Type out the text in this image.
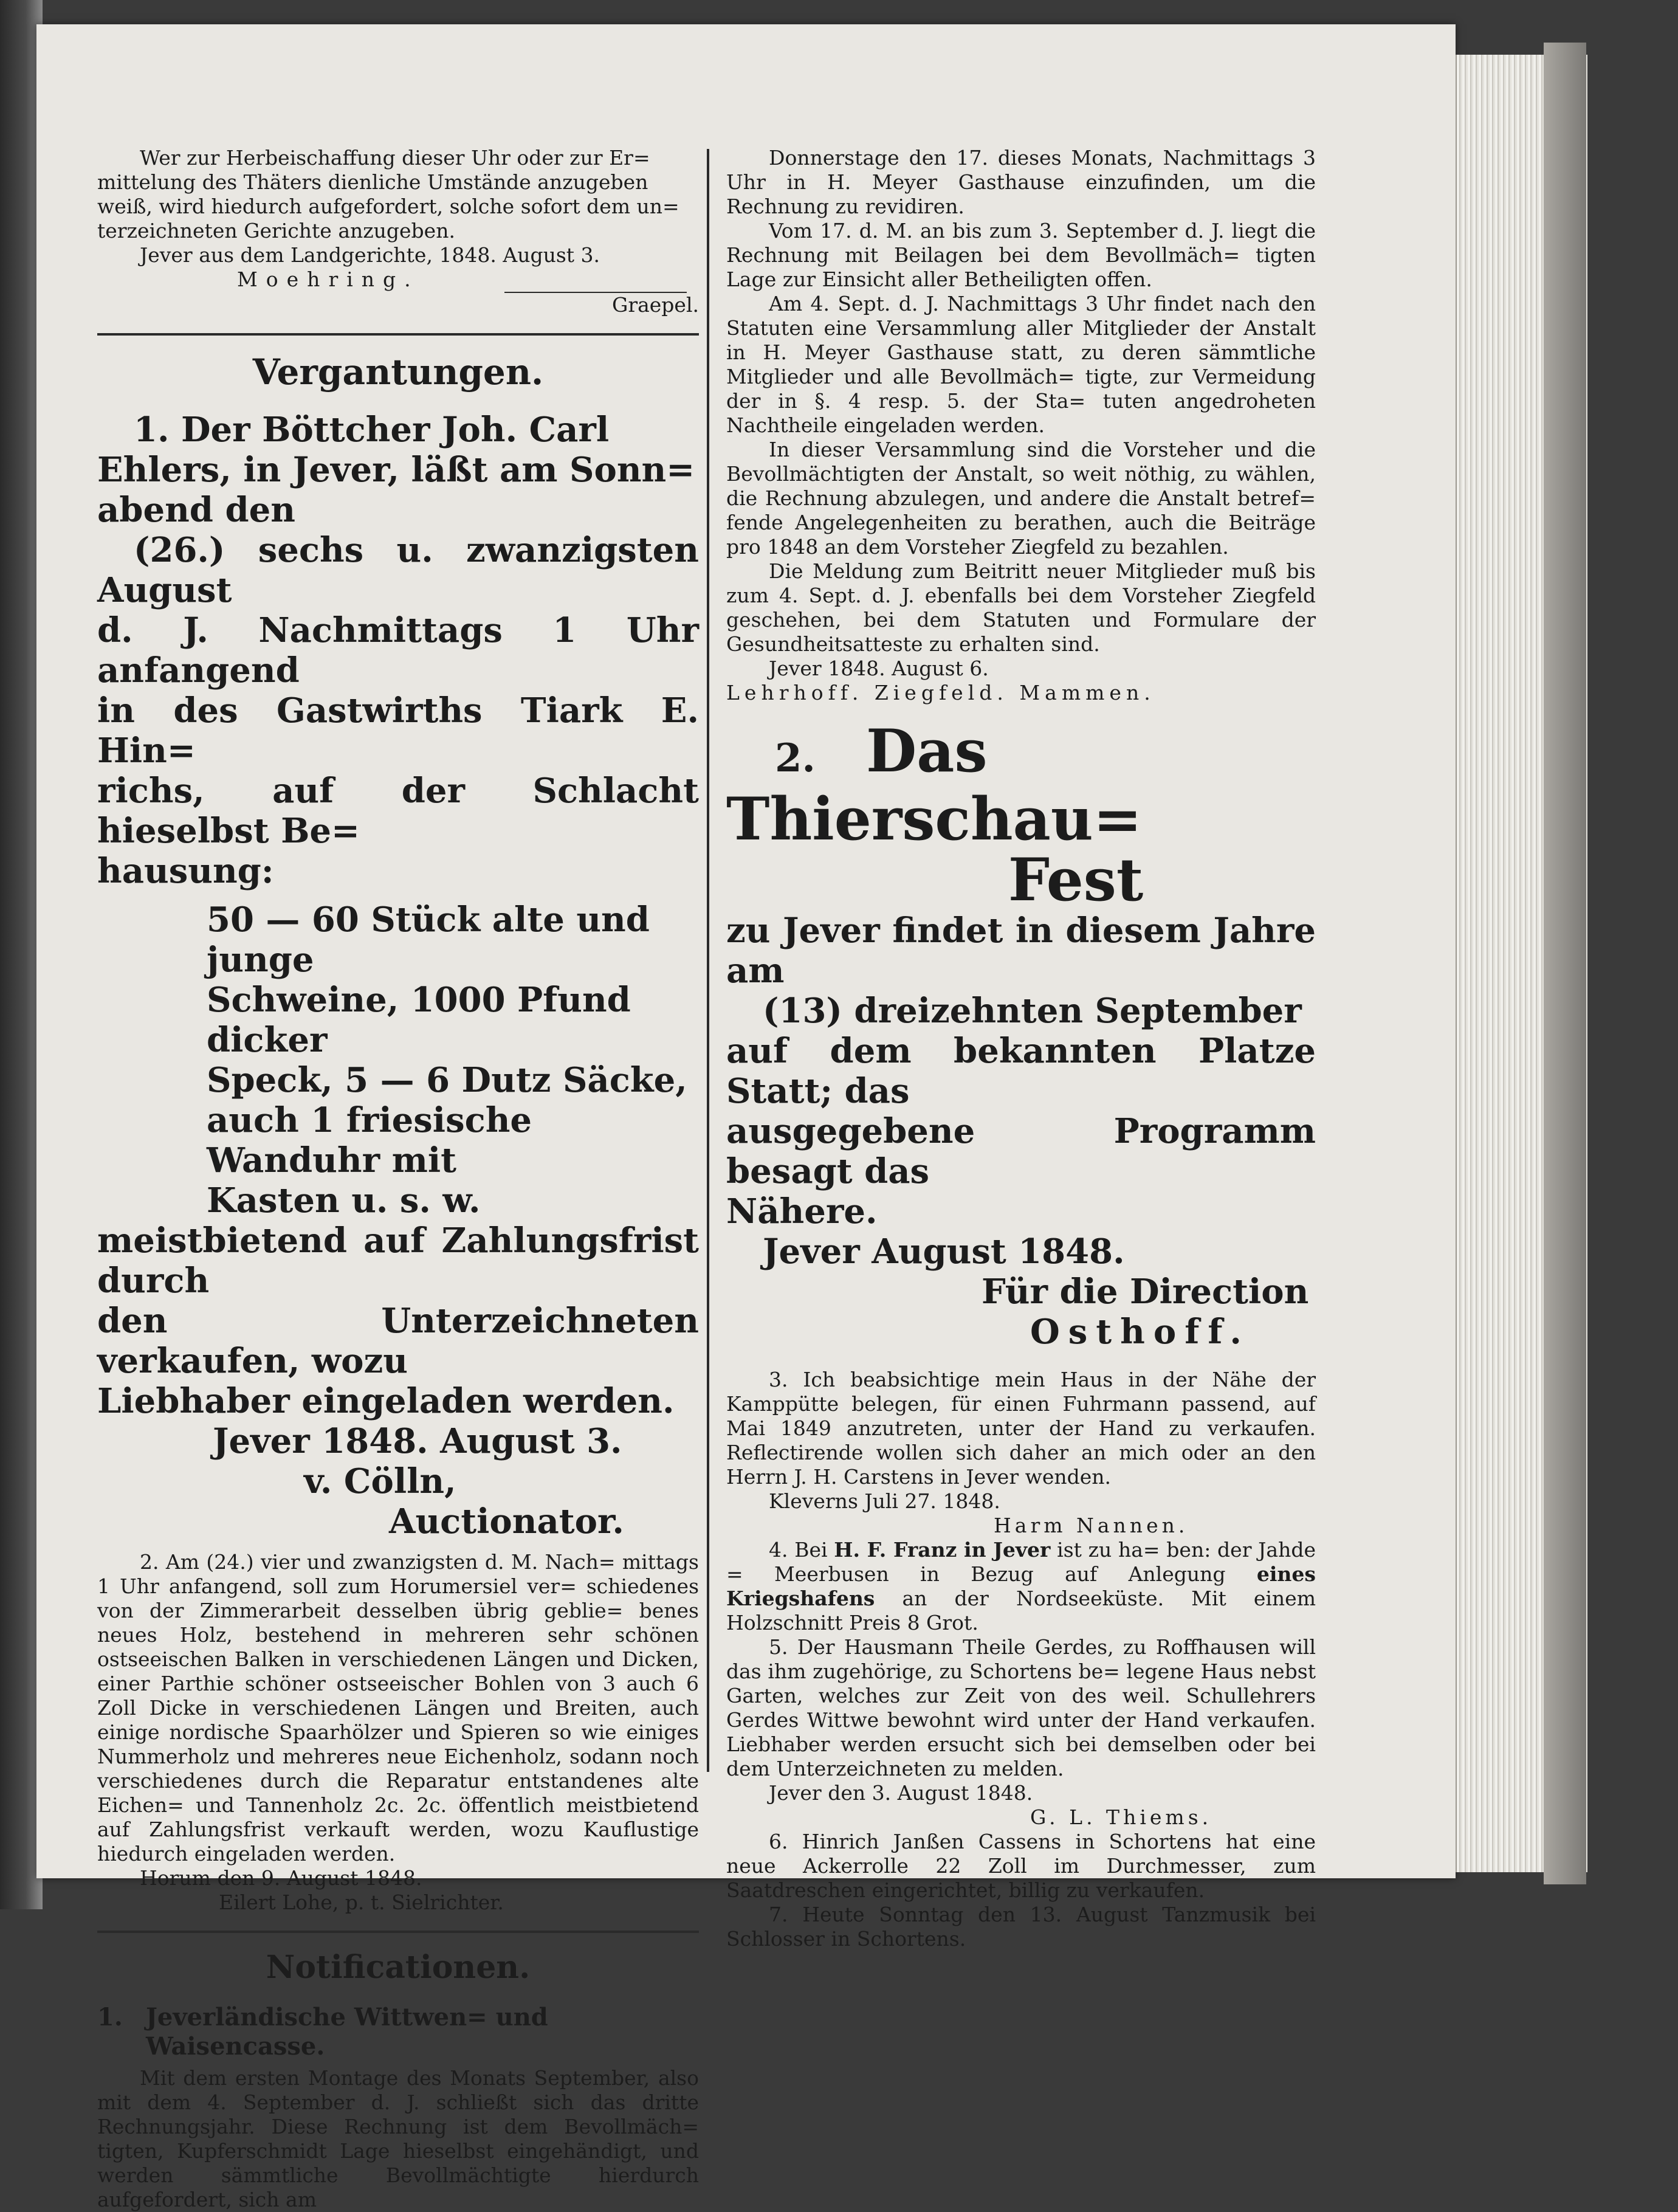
Wer zur Herbeischaffung dieser Uhr oder zur Er=

mittelung des Thäters dienliche Umstände anzugeben

weiß, wird hiedurch aufgefordert, solche sofort dem un=

terzeichneten Gerichte anzugeben.

Jever aus dem Landgerichte, 1848. August 3.

Moehring.

Graepel.

Vergantungen.

1. Der Böttcher Joh. Carl

Ehlers, in Jever, läßt am Sonn=

abend den

(26.) sechs u. zwanzigsten August

d. J. Nachmittags 1 Uhr anfangend

in des Gastwirths Tiark E. Hin=

richs, auf der Schlacht hieselbst Be=

hausung:

50 — 60 Stück alte und junge

Schweine, 1000 Pfund dicker

Speck, 5 — 6 Dutz Säcke,

auch 1 friesische Wanduhr mit

Kasten u. s. w.

meistbietend auf Zahlungsfrist durch

den Unterzeichneten verkaufen, wozu

Liebhaber eingeladen werden.

Jever 1848. August 3.

v. Cölln,

Auctionator.

2. Am (24.) vier und zwanzigsten d. M. Nach= mittags 1 Uhr anfangend, soll zum Horumersiel ver= schiedenes von der Zimmerarbeit desselben übrig geblie= benes neues Holz, bestehend in mehreren sehr schönen ostseeischen Balken in verschiedenen Längen und Dicken, einer Parthie schöner ostseeischer Bohlen von 3 auch 6 Zoll Dicke in verschiedenen Längen und Breiten, auch einige nordische Spaarhölzer und Spieren so wie einiges Nummerholz und mehreres neue Eichenholz, sodann noch verschiedenes durch die Reparatur entstandenes alte Eichen= und Tannenholz 2c. 2c. öffentlich meistbietend auf Zahlungsfrist verkauft werden, wozu Kauflustige hiedurch eingeladen werden.

Horum den 9. August 1848.

Eilert Lohe, p. t. Sielrichter.

Notificationen.
1. Jeverländische Wittwen= und
Waisencasse.

Mit dem ersten Montage des Monats September, also mit dem 4. September d. J. schließt sich das dritte Rechnungsjahr. Diese Rechnung ist dem Bevollmäch= tigten, Kupferschmidt Lage hieselbst eingehändigt, und werden sämmtliche Bevollmächtigte hierdurch aufgefordert, sich am

Donnerstage den 17. dieses Monats, Nachmittags 3 Uhr in H. Meyer Gasthause einzufinden, um die Rechnung zu revidiren.

Vom 17. d. M. an bis zum 3. September d. J. liegt die Rechnung mit Beilagen bei dem Bevollmäch= tigten Lage zur Einsicht aller Betheiligten offen.

Am 4. Sept. d. J. Nachmittags 3 Uhr findet nach den Statuten eine Versammlung aller Mitglieder der Anstalt in H. Meyer Gasthause statt, zu deren sämmtliche Mitglieder und alle Bevollmäch= tigte, zur Vermeidung der in §. 4 resp. 5. der Sta= tuten angedroheten Nachtheile eingeladen werden.

In dieser Versammlung sind die Vorsteher und die Bevollmächtigten der Anstalt, so weit nöthig, zu wählen, die Rechnung abzulegen, und andere die Anstalt betref= fende Angelegenheiten zu berathen, auch die Beiträge pro 1848 an dem Vorsteher Ziegfeld zu bezahlen.

Die Meldung zum Beitritt neuer Mitglieder muß bis zum 4. Sept. d. J. ebenfalls bei dem Vorsteher Ziegfeld geschehen, bei dem Statuten und Formulare der Gesundheitsatteste zu erhalten sind.

Jever 1848. August 6.

Lehrhoff. Ziegfeld. Mammen.

2. Das Thierschau=
Fest

zu Jever findet in diesem Jahre am

(13) dreizehnten September

auf dem bekannten Platze Statt; das

ausgegebene Programm besagt das

Nähere.

Jever August 1848.

Für die Direction

Osthoff.

3. Ich beabsichtige mein Haus in der Nähe der Kamppütte belegen, für einen Fuhrmann passend, auf Mai 1849 anzutreten, unter der Hand zu verkaufen. Reflectirende wollen sich daher an mich oder an den Herrn J. H. Carstens in Jever wenden.

Kleverns Juli 27. 1848.

Harm Nannen.

4. Bei H. F. Franz in Jever ist zu ha= ben: der Jahde = Meerbusen in Bezug auf Anlegung eines Kriegshafens an der Nordseeküste. Mit einem Holzschnitt Preis 8 Grot.

5. Der Hausmann Theile Gerdes, zu Roffhausen will das ihm zugehörige, zu Schortens be= legene Haus nebst Garten, welches zur Zeit von des weil. Schullehrers Gerdes Wittwe bewohnt wird unter der Hand verkaufen. Liebhaber werden ersucht sich bei demselben oder bei dem Unterzeichneten zu melden.

Jever den 3. August 1848.

G. L. Thiems.

6. Hinrich Janßen Cassens in Schortens hat eine neue Ackerrolle 22 Zoll im Durchmesser, zum Saatdreschen eingerichtet, billig zu verkaufen.

7. Heute Sonntag den 13. August Tanzmusik bei Schlosser in Schortens.
